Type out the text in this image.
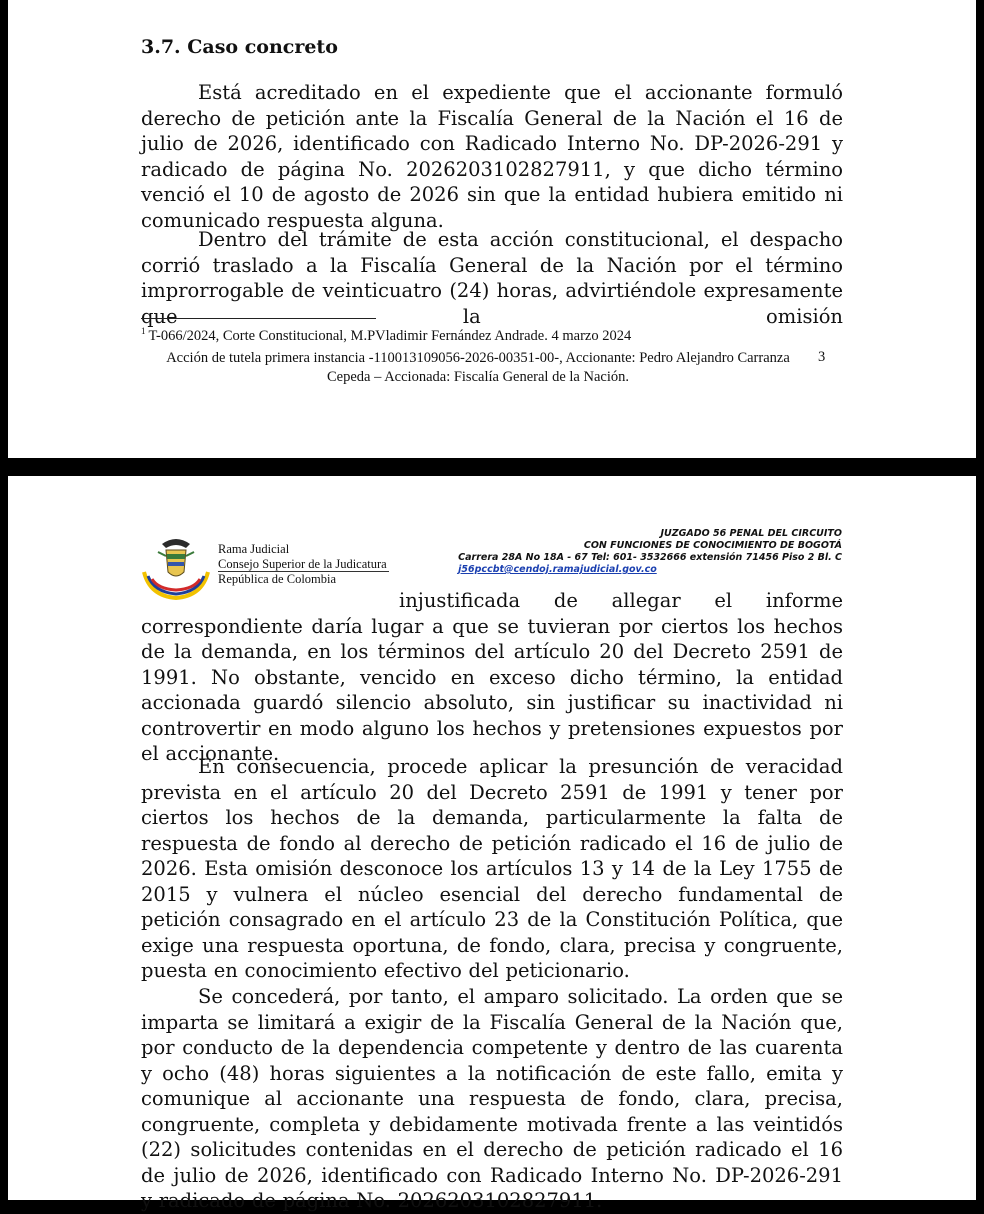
3.7. Caso concreto

Está acreditado en el expediente que el accionante formuló derecho de petición ante la Fiscalía General de la Nación el 16 de julio de 2026, identificado con Radicado Interno No. DP-2026-291 y radicado de página No. 2026203102827911, y que dicho término venció el 10 de agosto de 2026 sin que la entidad hubiera emitido ni comunicado respuesta alguna.

Dentro del trámite de esta acción constitucional, el despacho corrió traslado a la Fiscalía General de la Nación por el término improrrogable de veinticuatro (24) horas, advirtiéndole expresamente que la omisión

$^1$ T-066/2024, Corte Constitucional, M.PVladimir Fernández Andrade. 4 marzo 2024

Acción de tutela primera instancia -110013109056-2026-00351-00-, Accionante: Pedro Alejandro Carranza Cepeda – Accionada: Fiscalía General de la Nación.

3
Rama Judicial
Consejo Superior de la Judicatura
República de Colombia
JUZGADO 56 PENAL DEL CIRCUITO
CON FUNCIONES DE CONOCIMIENTO DE BOGOTÁ
Carrera 28A No 18A - 67 Tel: 601- 3532666 extensión 71456 Piso 2 Bl. C
j56pccbt@cendoj.ramajudicial.gov.co

injustificada de allegar el informe
correspondiente daría lugar a que se tuvieran por ciertos los hechos de la demanda, en los términos del artículo 20 del Decreto 2591 de 1991. No obstante, vencido en exceso dicho término, la entidad accionada guardó silencio absoluto, sin justificar su inactividad ni controvertir en modo alguno los hechos y pretensiones expuestos por el accionante.

En consecuencia, procede aplicar la presunción de veracidad prevista en el artículo 20 del Decreto 2591 de 1991 y tener por ciertos los hechos de la demanda, particularmente la falta de respuesta de fondo al derecho de petición radicado el 16 de julio de 2026. Esta omisión desconoce los artículos 13 y 14 de la Ley 1755 de 2015 y vulnera el núcleo esencial del derecho fundamental de petición consagrado en el artículo 23 de la Constitución Política, que exige una respuesta oportuna, de fondo, clara, precisa y congruente, puesta en conocimiento efectivo del peticionario.

Se concederá, por tanto, el amparo solicitado. La orden que se imparta se limitará a exigir de la Fiscalía General de la Nación que, por conducto de la dependencia competente y dentro de las cuarenta y ocho (48) horas siguientes a la notificación de este fallo, emita y comunique al accionante una respuesta de fondo, clara, precisa, congruente, completa y debidamente motivada frente a las veintidós (22) solicitudes contenidas en el derecho de petición radicado el 16 de julio de 2026, identificado con Radicado Interno No. DP-2026-291 y radicado de página No. 2026203102827911.
